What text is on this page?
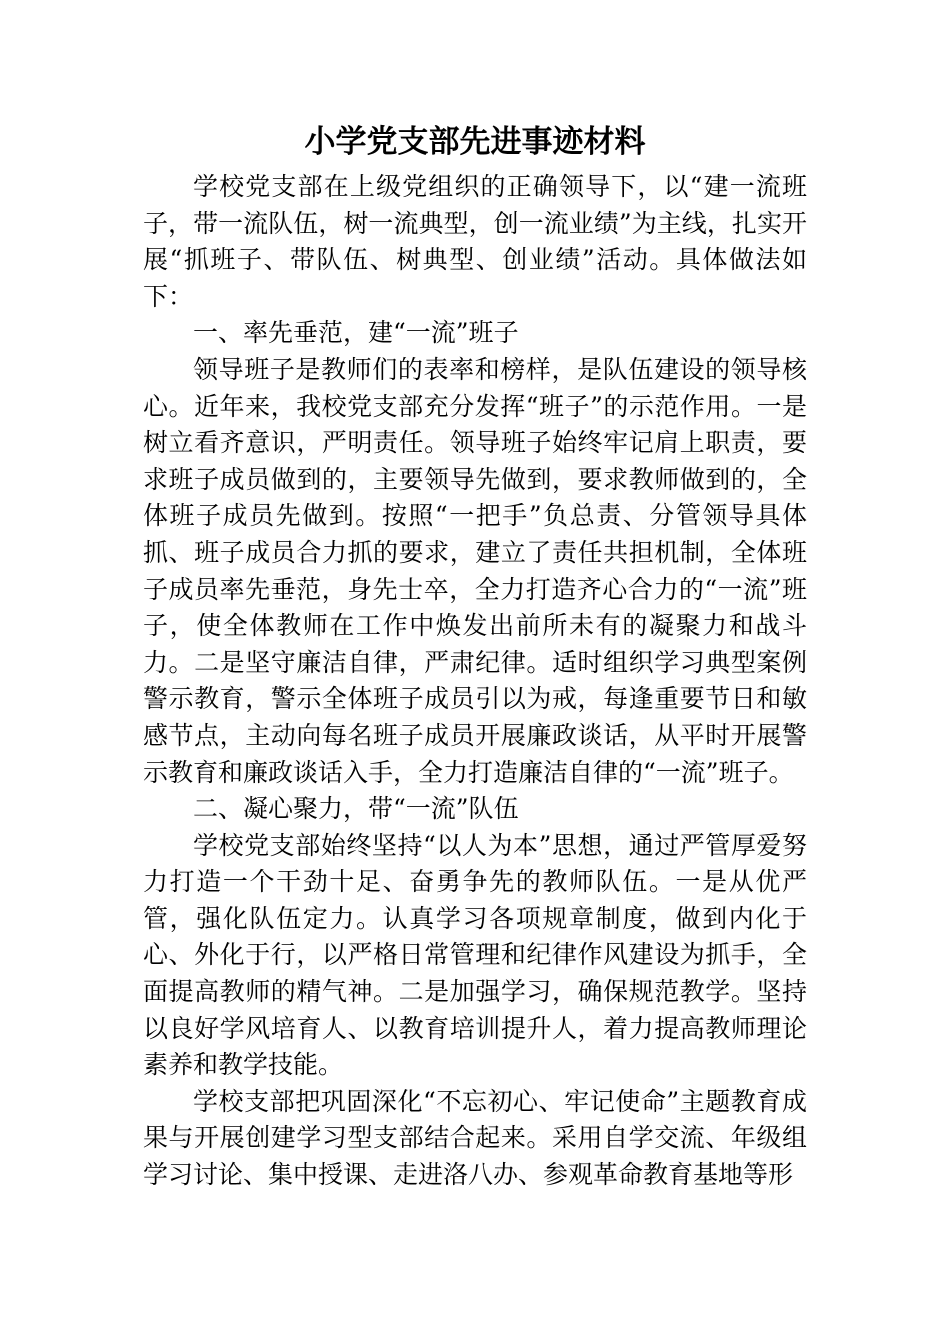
小学党支部先进事迹材料

学校党支部在上级党组织的正确领导下，以“建一流班子，带一流队伍，树一流典型，创一流业绩”为主线，扎实开展“抓班子、带队伍、树典型、创业绩”活动。具体做法如下：

一、率先垂范，建“一流”班子

领导班子是教师们的表率和榜样，是队伍建设的领导核心。近年来，我校党支部充分发挥“班子”的示范作用。一是树立看齐意识，严明责任。领导班子始终牢记肩上职责，要求班子成员做到的，主要领导先做到，要求教师做到的，全体班子成员先做到。按照“一把手”负总责、分管领导具体抓、班子成员合力抓的要求，建立了责任共担机制，全体班子成员率先垂范，身先士卒，全力打造齐心合力的“一流”班子，使全体教师在工作中焕发出前所未有的凝聚力和战斗力。二是坚守廉洁自律，严肃纪律。适时组织学习典型案例警示教育，警示全体班子成员引以为戒，每逢重要节日和敏感节点，主动向每名班子成员开展廉政谈话，从平时开展警示教育和廉政谈话入手，全力打造廉洁自律的“一流”班子。

二、凝心聚力，带“一流”队伍

学校党支部始终坚持“以人为本”思想，通过严管厚爱努力打造一个干劲十足、奋勇争先的教师队伍。一是从优严管，强化队伍定力。认真学习各项规章制度，做到内化于心、外化于行，以严格日常管理和纪律作风建设为抓手，全面提高教师的精气神。二是加强学习，确保规范教学。坚持以良好学风培育人、以教育培训提升人，着力提高教师理论素养和教学技能。

学校支部把巩固深化“不忘初心、牢记使命”主题教育成果与开展创建学习型支部结合起来。采用自学交流、年级组学习讨论、集中授课、走进洛八办、参观革命教育基地等形
